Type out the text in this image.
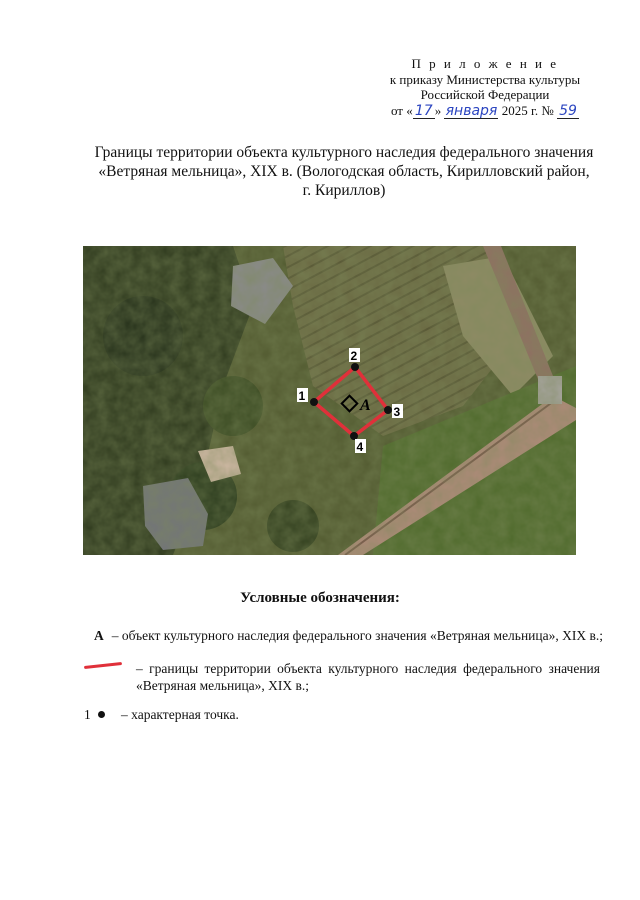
П р и л о ж е н и е
к приказу Министерства культуры
Российской Федерации
от « 17 » января 2025 г. № 59
Границы территории объекта культурного наследия федерального значения
«Ветряная мельница», XIX в. (Вологодская область, Кирилловский район,
г. Кириллов)
А
1
2
3
4
Условные обозначения:
А – объект культурного наследия федерального значения «Ветряная мельница», XIX в.;
– границы территории объекта культурного наследия федерального значения «Ветряная мельница», XIX в.;
1 – характерная точка.
